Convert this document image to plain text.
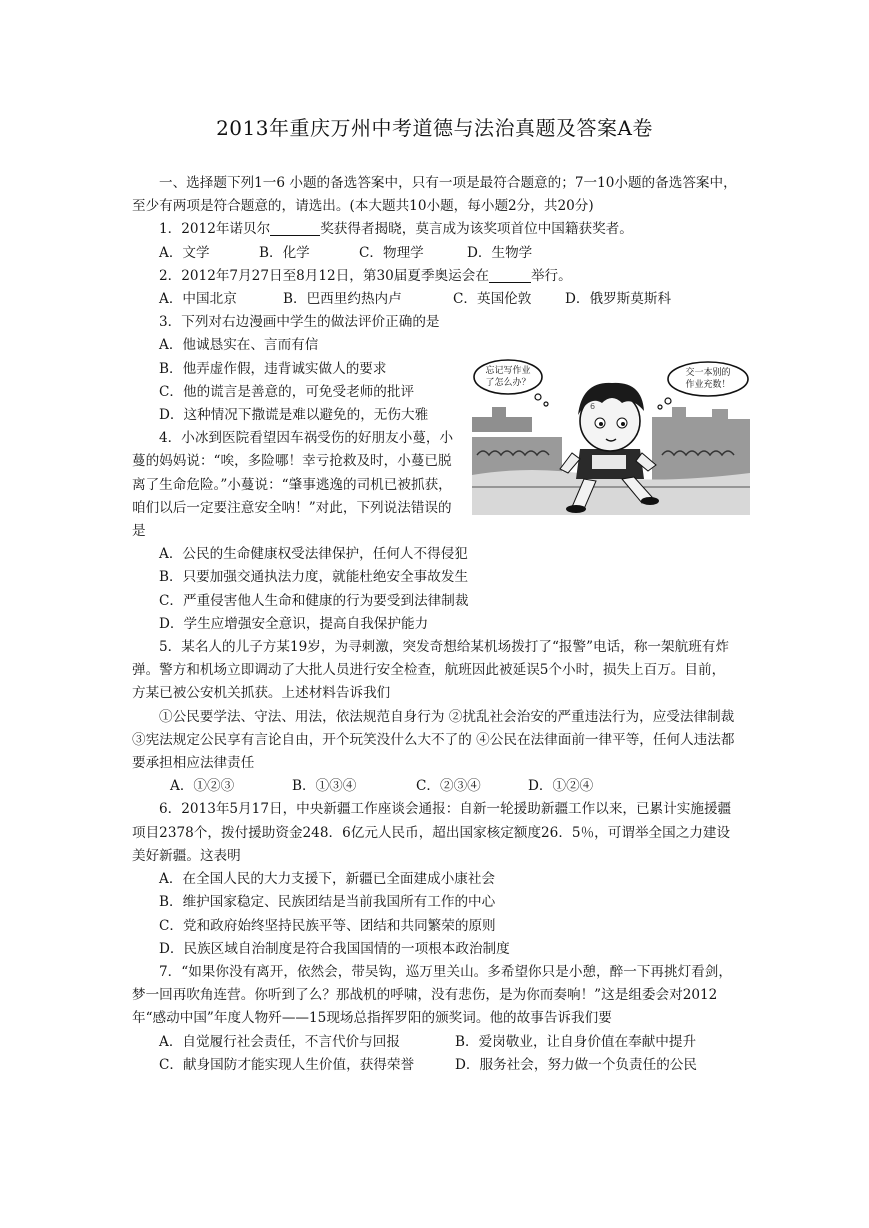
2013年重庆万州中考道德与法治真题及答案A卷

一、选择题下列1一6 小题的备选答案中，只有一项是最符合题意的；7一10小题的备选答案中，至少有两项是符合题意的，请选出。(本大题共10小题，每小题2分，共20分)

1．2012年诺贝尔	奖获得者揭晓，莫言成为该奖项首位中国籍获奖者。

A．文学	B．化学	C．物理学	D．生物学

2．2012年7月27日至8月12日，第30届夏季奥运会在	举行。

A．中国北京	B．巴西里约热内卢	C．英国伦敦	D．俄罗斯莫斯科

3．下列对右边漫画中学生的做法评价正确的是

A．他诚恳实在、言而有信

B．他弄虚作假，违背诚实做人的要求

C．他的谎言是善意的，可免受老师的批评

D．这种情况下撒谎是难以避免的，无伤大雅

4．小冰到医院看望因车祸受伤的好朋友小蔓，小蔓的妈妈说：“唉，多险哪！幸亏抢救及时，小蔓已脱离了生命危险。”小蔓说：“肇事逃逸的司机已被抓获，咱们以后一定要注意安全呐！”对此，下列说法错误的是

A．公民的生命健康权受法律保护，任何人不得侵犯

B．只要加强交通执法力度，就能杜绝安全事故发生

C．严重侵害他人生命和健康的行为要受到法律制裁

D．学生应增强安全意识，提高自我保护能力

5．某名人的儿子方某19岁，为寻刺激，突发奇想给某机场拨打了“报警”电话，称一架航班有炸弹。警方和机场立即调动了大批人员进行安全检查，航班因此被延误5个小时，损失上百万。目前，方某已被公安机关抓获。上述材料告诉我们

①公民要学法、守法、用法，依法规范自身行为 ②扰乱社会治安的严重违法行为，应受法律制裁 ③宪法规定公民享有言论自由，开个玩笑没什么大不了的 ④公民在法律面前一律平等，任何人违法都要承担相应法律责任

A．①②③	B．①③④	C．②③④	D．①②④

6．2013年5月17日，中央新疆工作座谈会通报：自新一轮援助新疆工作以来，已累计实施援疆项目2378个，拨付援助资金248．6亿元人民币，超出国家核定额度26．5％，可谓举全国之力建设美好新疆。这表明

A．在全国人民的大力支援下，新疆已全面建成小康社会

B．维护国家稳定、民族团结是当前我国所有工作的中心

C．党和政府始终坚持民族平等、团结和共同繁荣的原则

D．民族区域自治制度是符合我国国情的一项根本政治制度

7．“如果你没有离开，依然会，带吴钩，巡万里关山。多希望你只是小憩，醉一下再挑灯看剑，梦一回再吹角连营。你听到了么？那战机的呼啸，没有悲伤，是为你而奏响！”这是组委会对2012年“感动中国”年度人物歼——15现场总指挥罗阳的颁奖词。他的故事告诉我们要

A．自觉履行社会责任，不言代价与回报	B．爱岗敬业，让自身价值在奉献中提升
C．献身国防才能实现人生价值，获得荣誉	D．服务社会，努力做一个负责任的公民
忘记写作业
了怎么办？
交一本别的
作业充数！
6
